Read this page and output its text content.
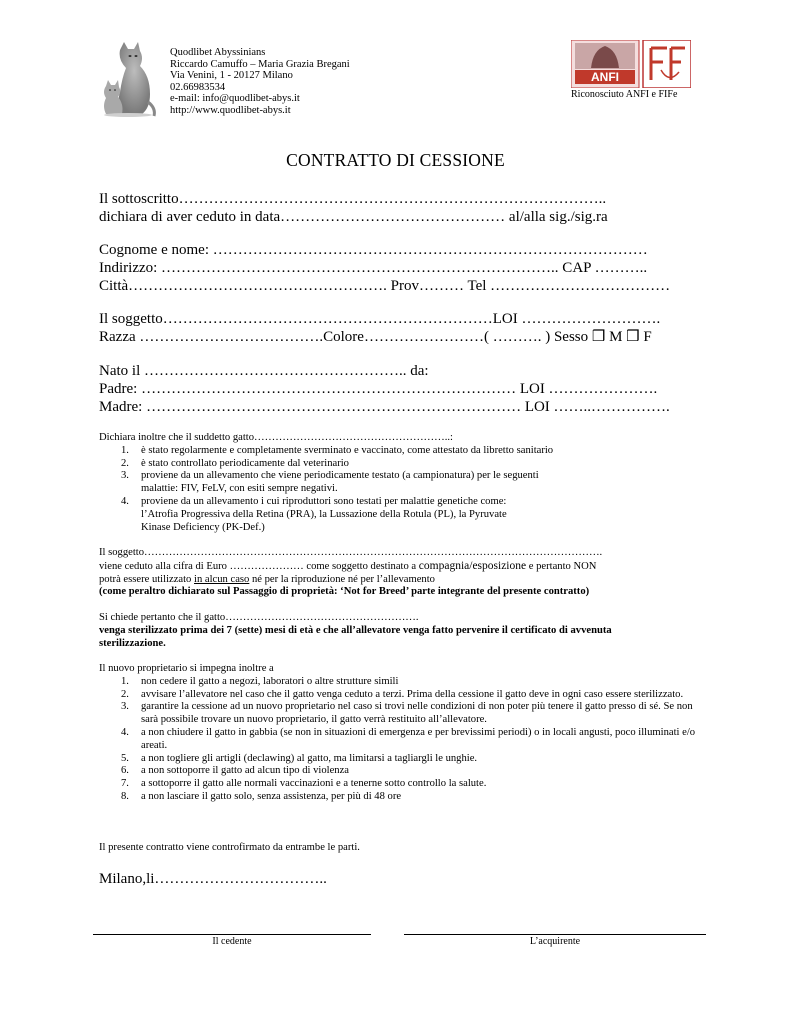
Quodlibet Abyssinians
Riccardo Camuffo – Maria Grazia Bregani
Via Venini, 1 - 20127 Milano
02.66983534
e-mail: info@quodlibet-abys.it
http://www.quodlibet-abys.it
ANFI
Riconosciuto ANFI e FIFe
CONTRATTO DI CESSIONE
Il sottoscritto…………………………………………………………………………..
dichiara di aver ceduto in data……………………………………… al/alla sig./sig.ra
Cognome e nome: ……………………………………………………………………………
Indirizzo: …………………………………………………………………….. CAP ………..
Città……………………………………………. Prov……… Tel ………………………………
Il soggetto…………………………………………………………LOI ……………………….
Razza ……………………………….Colore……………………( ………. ) Sesso ❒ M ❒ F
Nato il …………………………………………….. da:
Padre: ………………………………………………………………… LOI ………………….
Madre: ………………………………………………………………… LOI ……..…………….
Dichiara inoltre che il suddetto gatto………………………………………………..:
1. è stato regolarmente e completamente sverminato e vaccinato, come attestato da libretto sanitario
2. è stato controllato periodicamente dal veterinario
3. proviene da un allevamento che viene periodicamente testato (a campionatura) per le seguenti malattie: FIV, FeLV, con esiti sempre negativi.
4. proviene da un allevamento i cui riproduttori sono testati per malattie genetiche come: l’Atrofia Progressiva della Retina (PRA), la Lussazione della Rotula (PL), la Pyruvate Kinase Deficiency (PK-Def.)
Il soggetto………………………………………………………………………………………………………………….
viene ceduto alla cifra di Euro ………………… come soggetto destinato a compagnia/esposizione e pertanto NON
potrà essere utilizzato in alcun caso né per la riproduzione né per l’allevamento
(come peraltro dichiarato sul Passaggio di proprietà: ‘Not for Breed’ parte integrante del presente contratto)
Si chiede pertanto che il gatto……………………………………………….
venga sterilizzato prima dei 7 (sette) mesi di età e che all’allevatore venga fatto pervenire il certificato di avvenuta sterilizzazione.
Il nuovo proprietario si impegna inoltre a
1. non cedere il gatto a negozi, laboratori o altre strutture simili
2. avvisare l’allevatore nel caso che il gatto venga ceduto a terzi. Prima della cessione il gatto deve in ogni caso essere sterilizzato.
3. garantire la cessione ad un nuovo proprietario nel caso si trovi nelle condizioni di non poter più tenere il gatto presso di sé. Se non sarà possibile trovare un nuovo proprietario, il gatto verrà restituito all’allevatore.
4. a non chiudere il gatto in gabbia (se non in situazioni di emergenza e per brevissimi periodi) o in locali angusti, poco illuminati e/o areati.
5. a non togliere gli artigli (declawing) al gatto, ma limitarsi a tagliargli le unghie.
6. a non sottoporre il gatto ad alcun tipo di violenza
7. a sottoporre il gatto alle normali vaccinazioni e a tenerne sotto controllo la salute.
8. a non lasciare il gatto solo, senza assistenza, per più di 48 ore
Il presente contratto viene controfirmato da entrambe le parti.
Milano,li……………………………..
Il cedente	L’acquirente
